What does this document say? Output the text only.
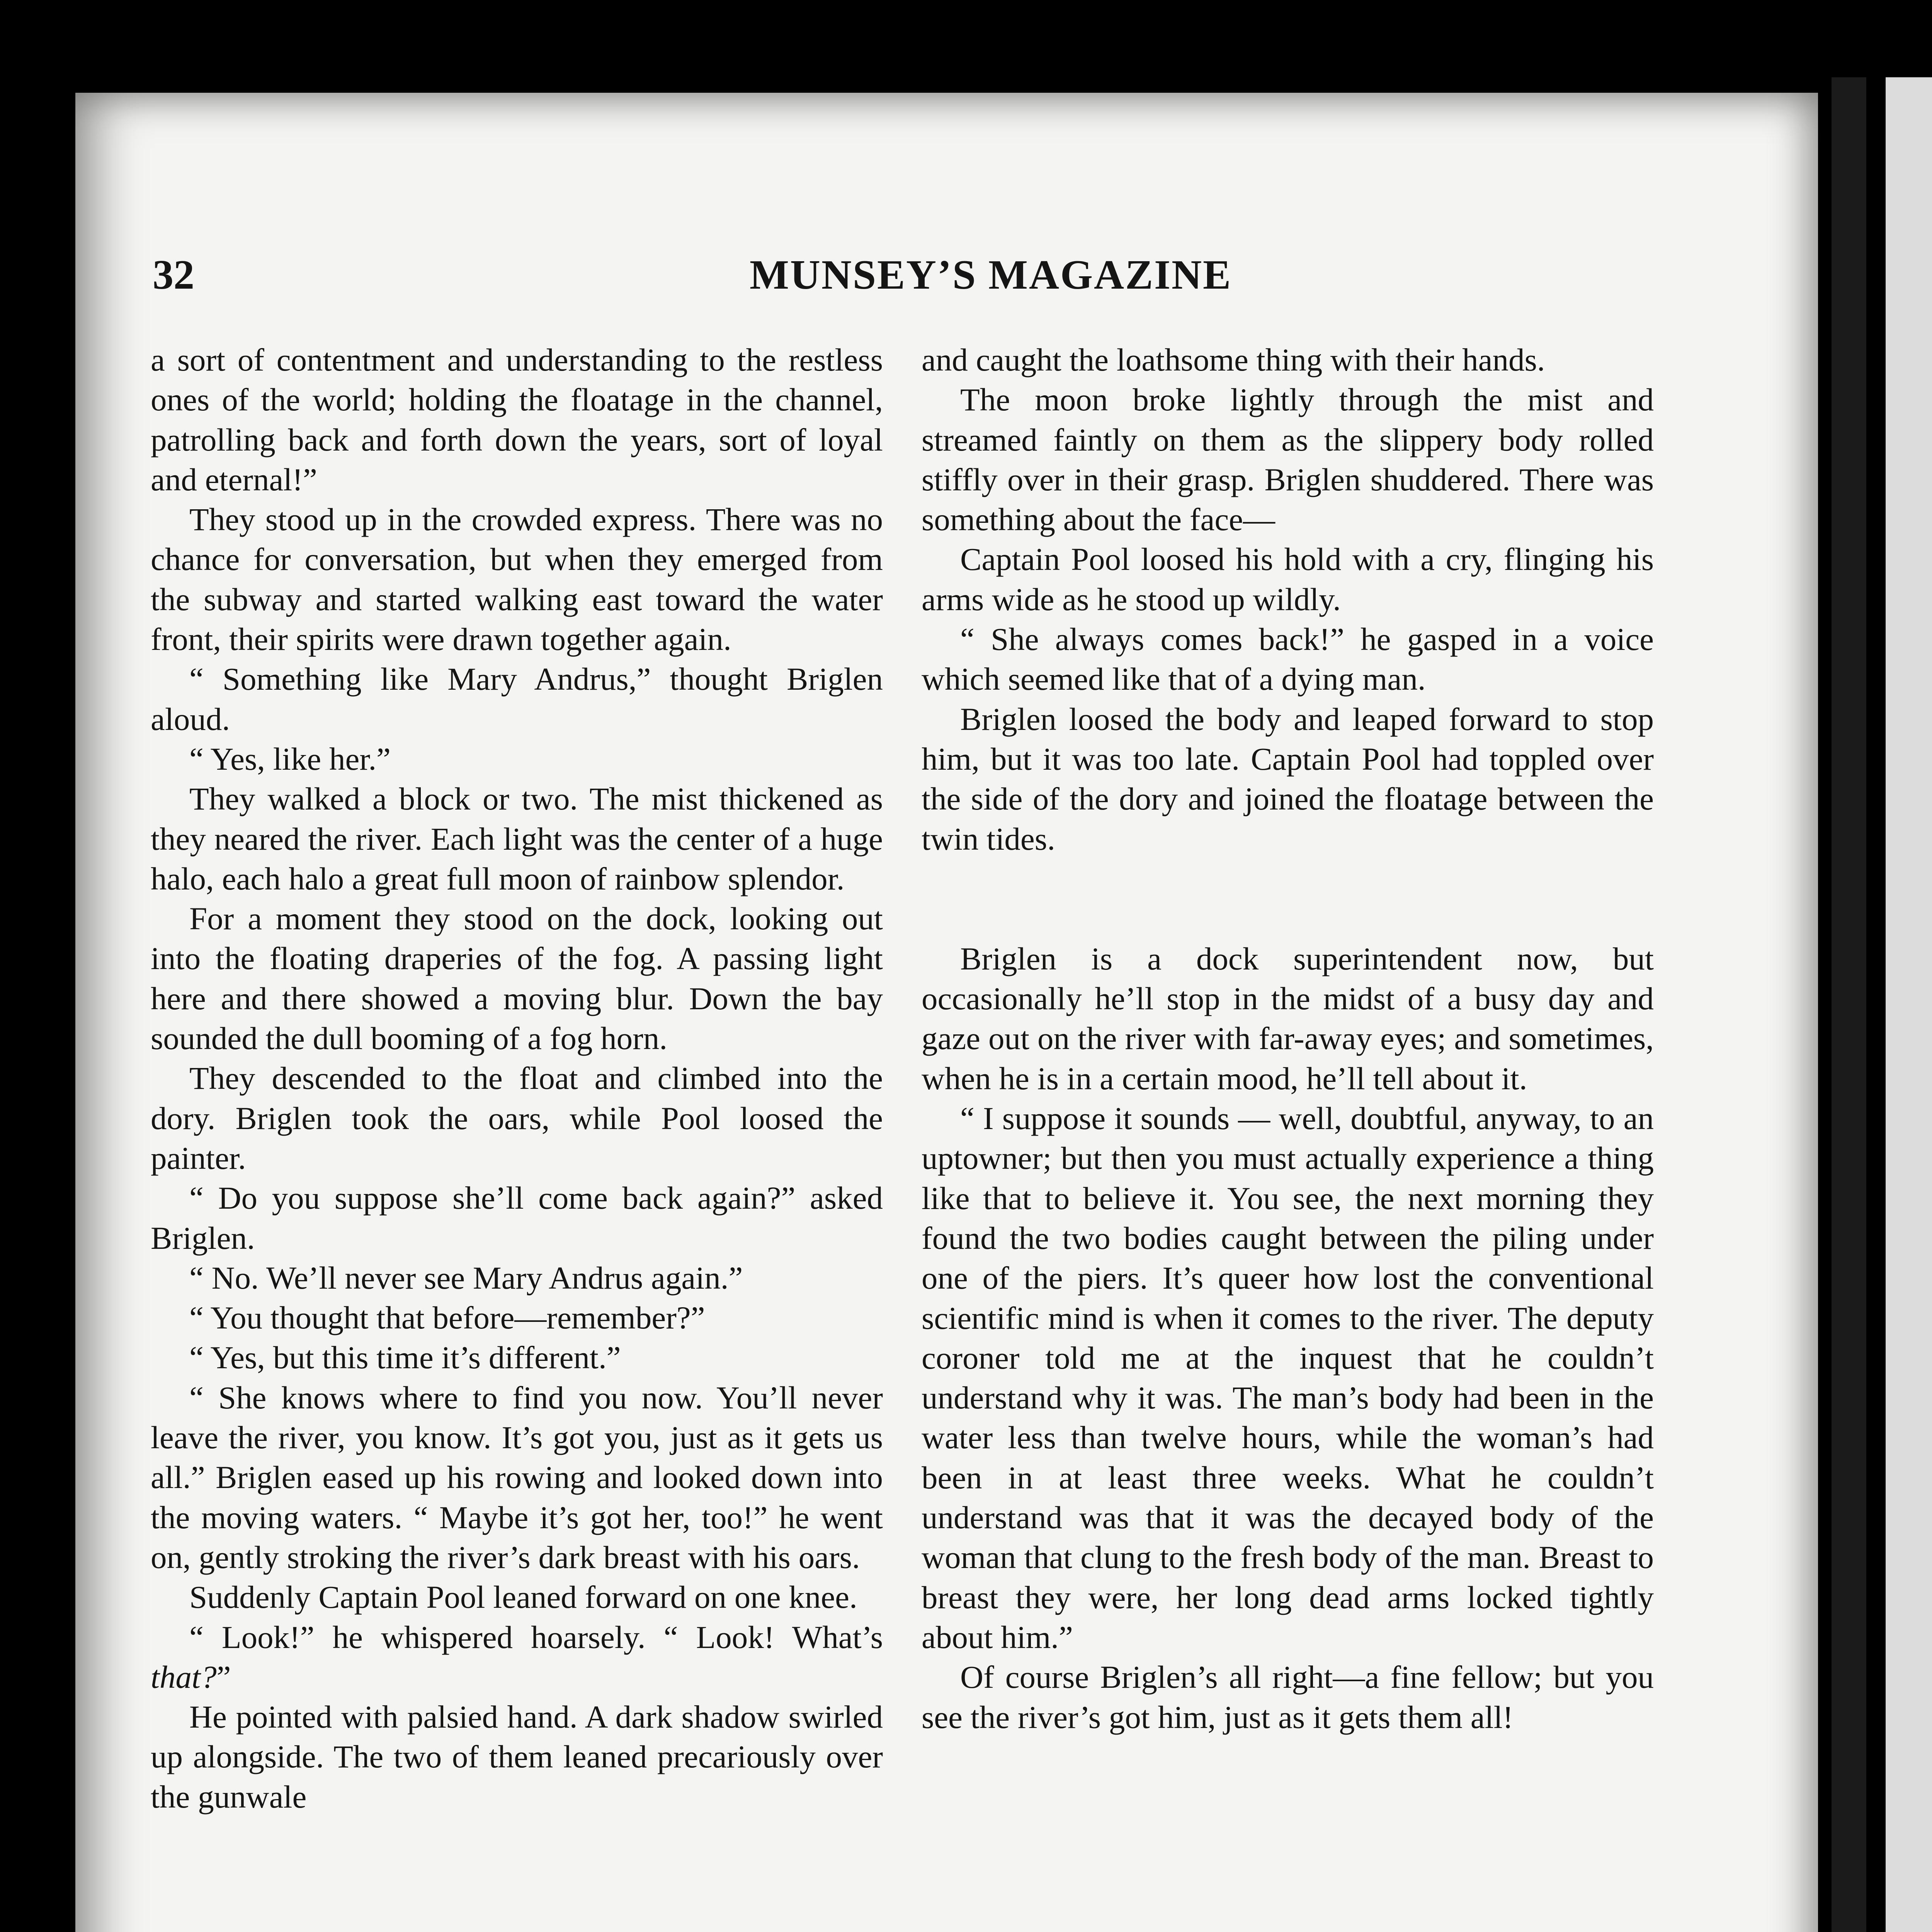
32	MUNSEY’S MAGAZINE

a sort of contentment and understanding to the restless ones of the world; holding the floatage in the channel, patrolling back and forth down the years, sort of loyal and eternal!”

They stood up in the crowded express. There was no chance for conversation, but when they emerged from the subway and started walking east toward the water front, their spirits were drawn together again.

“ Something like Mary Andrus,” thought Briglen aloud.

“ Yes, like her.”

They walked a block or two. The mist thickened as they neared the river. Each light was the center of a huge halo, each halo a great full moon of rainbow splendor.

For a moment they stood on the dock, looking out into the floating draperies of the fog. A passing light here and there showed a moving blur. Down the bay sounded the dull booming of a fog horn.

They descended to the float and climbed into the dory. Briglen took the oars, while Pool loosed the painter.

“ Do you suppose she’ll come back again?” asked Briglen.

“ No. We’ll never see Mary Andrus again.”

“ You thought that before—remember?”

“ Yes, but this time it’s different.”

“ She knows where to find you now. You’ll never leave the river, you know. It’s got you, just as it gets us all.” Briglen eased up his rowing and looked down into the moving waters. “ Maybe it’s got her, too!” he went on, gently stroking the river’s dark breast with his oars.

Suddenly Captain Pool leaned forward on one knee.

“ Look!” he whispered hoarsely. “ Look! What’s that?”

He pointed with palsied hand. A dark shadow swirled up alongside. The two of them leaned precariously over the gunwale

and caught the loathsome thing with their hands.

The moon broke lightly through the mist and streamed faintly on them as the slippery body rolled stiffly over in their grasp. Briglen shuddered. There was something about the face—

Captain Pool loosed his hold with a cry, flinging his arms wide as he stood up wildly.

“ She always comes back!” he gasped in a voice which seemed like that of a dying man.

Briglen loosed the body and leaped forward to stop him, but it was too late. Captain Pool had toppled over the side of the dory and joined the floatage between the twin tides.

Briglen is a dock superintendent now, but occasionally he’ll stop in the midst of a busy day and gaze out on the river with far-away eyes; and sometimes, when he is in a certain mood, he’ll tell about it.

“ I suppose it sounds — well, doubtful, anyway, to an uptowner; but then you must actually experience a thing like that to believe it. You see, the next morning they found the two bodies caught between the piling under one of the piers. It’s queer how lost the conventional scientific mind is when it comes to the river. The deputy coroner told me at the inquest that he couldn’t understand why it was. The man’s body had been in the water less than twelve hours, while the woman’s had been in at least three weeks. What he couldn’t understand was that it was the decayed body of the woman that clung to the fresh body of the man. Breast to breast they were, her long dead arms locked tightly about him.”

Of course Briglen’s all right—a fine fellow; but you see the river’s got him, just as it gets them all!
